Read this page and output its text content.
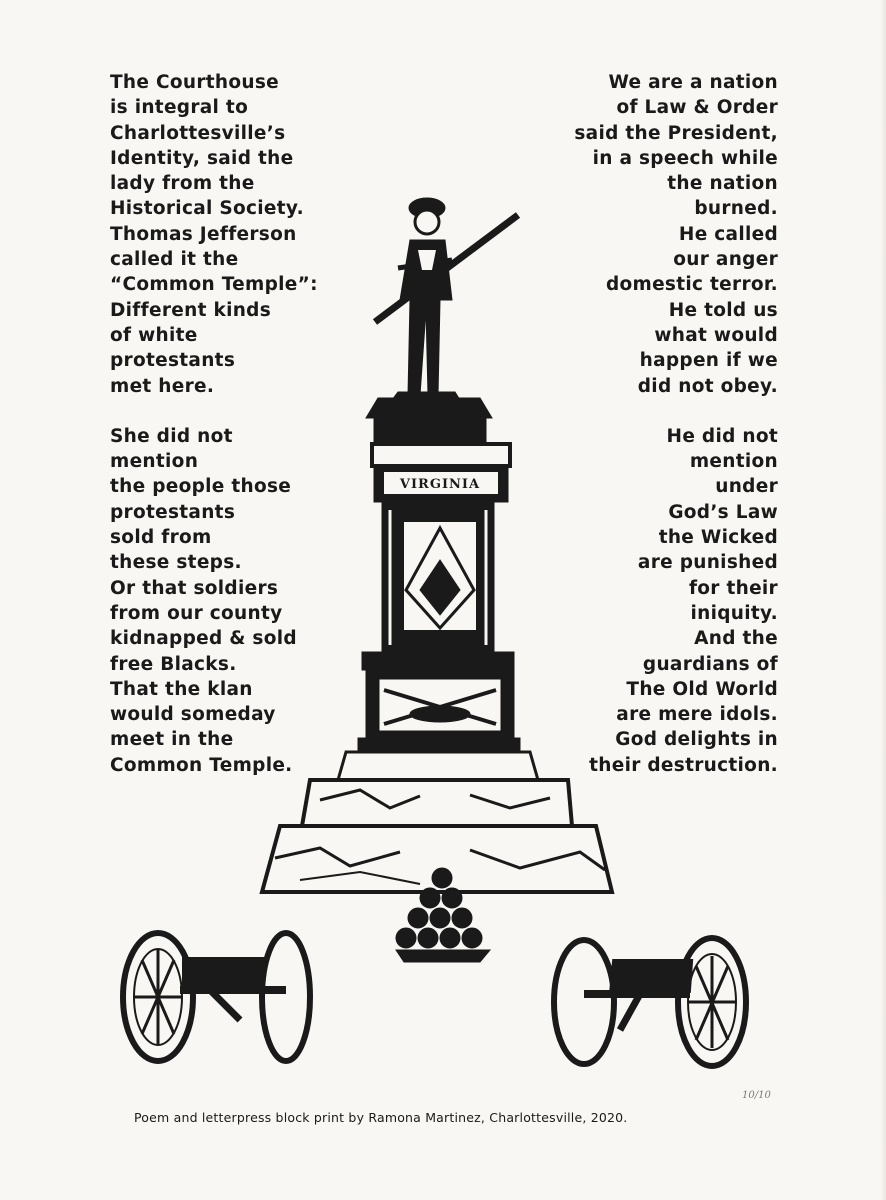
VIRGINIA
The Courthouse
is integral to
Charlottesville’s
Identity, said the
lady from the
Historical Society.
Thomas Jefferson
called it the
“Common Temple”:
Different kinds
of white
protestants
met here.
She did not
mention
the people those
protestants
sold from
these steps.
Or that soldiers
from our county
kidnapped & sold
free Blacks.
That the klan
would someday
meet in the
Common Temple.
We are a nation
of Law & Order
said the President,
in a speech while
the nation
burned.
He called
our anger
domestic terror.
He told us
what would
happen if we
did not obey.
He did not
mention
under
God’s Law
the Wicked
are punished
for their
iniquity.
And the
guardians of
The Old World
are mere idols.
God delights in
their destruction.
Poem and letterpress block print by Ramona Martinez, Charlottesville, 2020.
10/10
